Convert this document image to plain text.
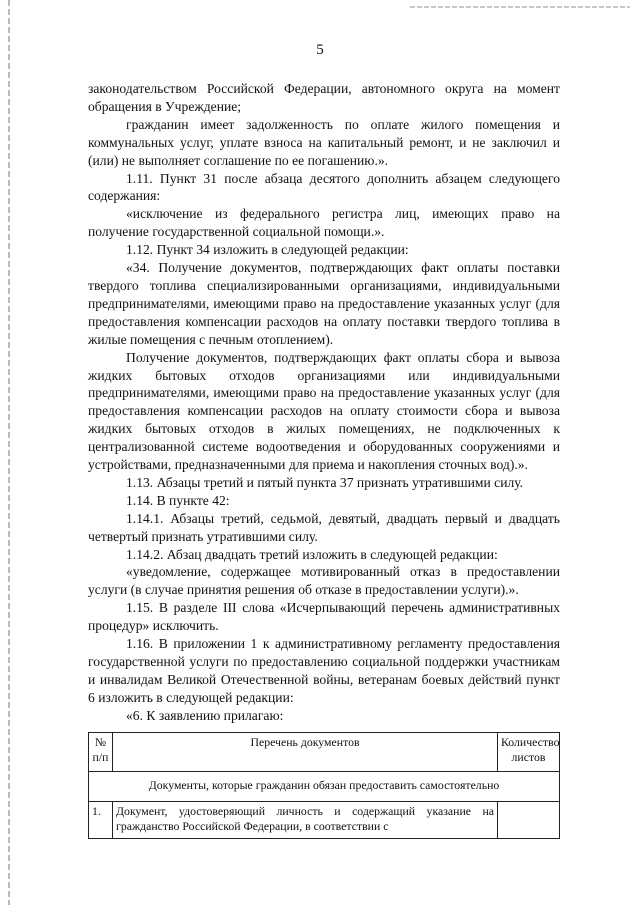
5

законодательством Российской Федерации, автономного округа на момент обращения в Учреждение;

гражданин имеет задолженность по оплате жилого помещения и коммунальных услуг, уплате взноса на капитальный ремонт, и не заключил и (или) не выполняет соглашение по ее погашению.».

1.11. Пункт 31 после абзаца десятого дополнить абзацем следующего содержания:

«исключение из федерального регистра лиц, имеющих право на получение государственной социальной помощи.».

1.12. Пункт 34 изложить в следующей редакции:

«34. Получение документов, подтверждающих факт оплаты поставки твердого топлива специализированными организациями, индивидуальными предпринимателями, имеющими право на предоставление указанных услуг (для предоставления компенсации расходов на оплату поставки твердого топлива в жилые помещения с печным отоплением).

Получение документов, подтверждающих факт оплаты сбора и вывоза жидких бытовых отходов организациями или индивидуальными предпринимателями, имеющими право на предоставление указанных услуг (для предоставления компенсации расходов на оплату стоимости сбора и вывоза жидких бытовых отходов в жилых помещениях, не подключенных к централизованной системе водоотведения и оборудованных сооружениями и устройствами, предназначенными для приема и накопления сточных вод).».

1.13. Абзацы третий и пятый пункта 37 признать утратившими силу.

1.14. В пункте 42:

1.14.1. Абзацы третий, седьмой, девятый, двадцать первый и двадцать четвертый признать утратившими силу.

1.14.2. Абзац двадцать третий изложить в следующей редакции:

«уведомление, содержащее мотивированный отказ в предоставлении услуги (в случае принятия решения об отказе в предоставлении услуги).».

1.15. В разделе III слова «Исчерпывающий перечень административных процедур» исключить.

1.16. В приложении 1 к административному регламенту предоставления государственной услуги по предоставлению социальной поддержки участникам и инвалидам Великой Отечественной войны, ветеранам боевых действий пункт 6 изложить в следующей редакции:

«6. К заявлению прилагаю:

№ п/п	Перечень документов	Количество листов
Документы, которые гражданин обязан предоставить самостоятельно		
1.	Документ, удостоверяющий личность и содержащий указание на гражданство Российской Федерации, в соответствии с	
